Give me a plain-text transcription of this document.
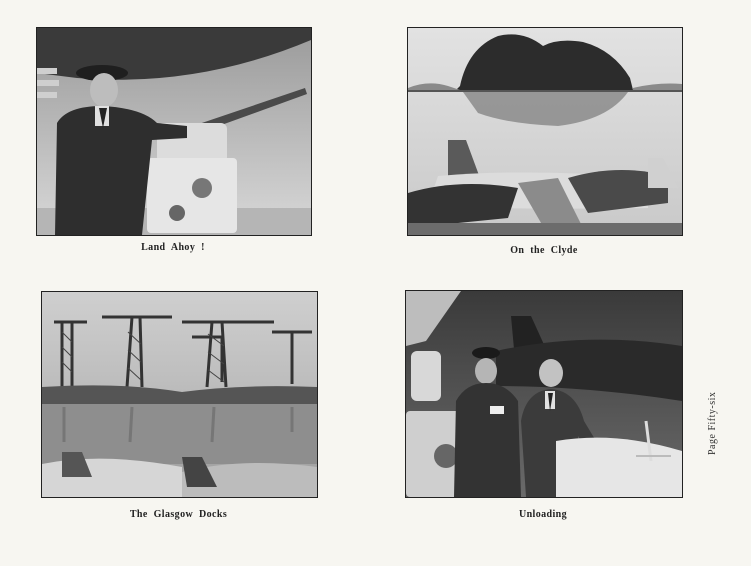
Land Ahoy !	On the Clyde
The Glasgow Docks	Unloading
Page Fifty-six
